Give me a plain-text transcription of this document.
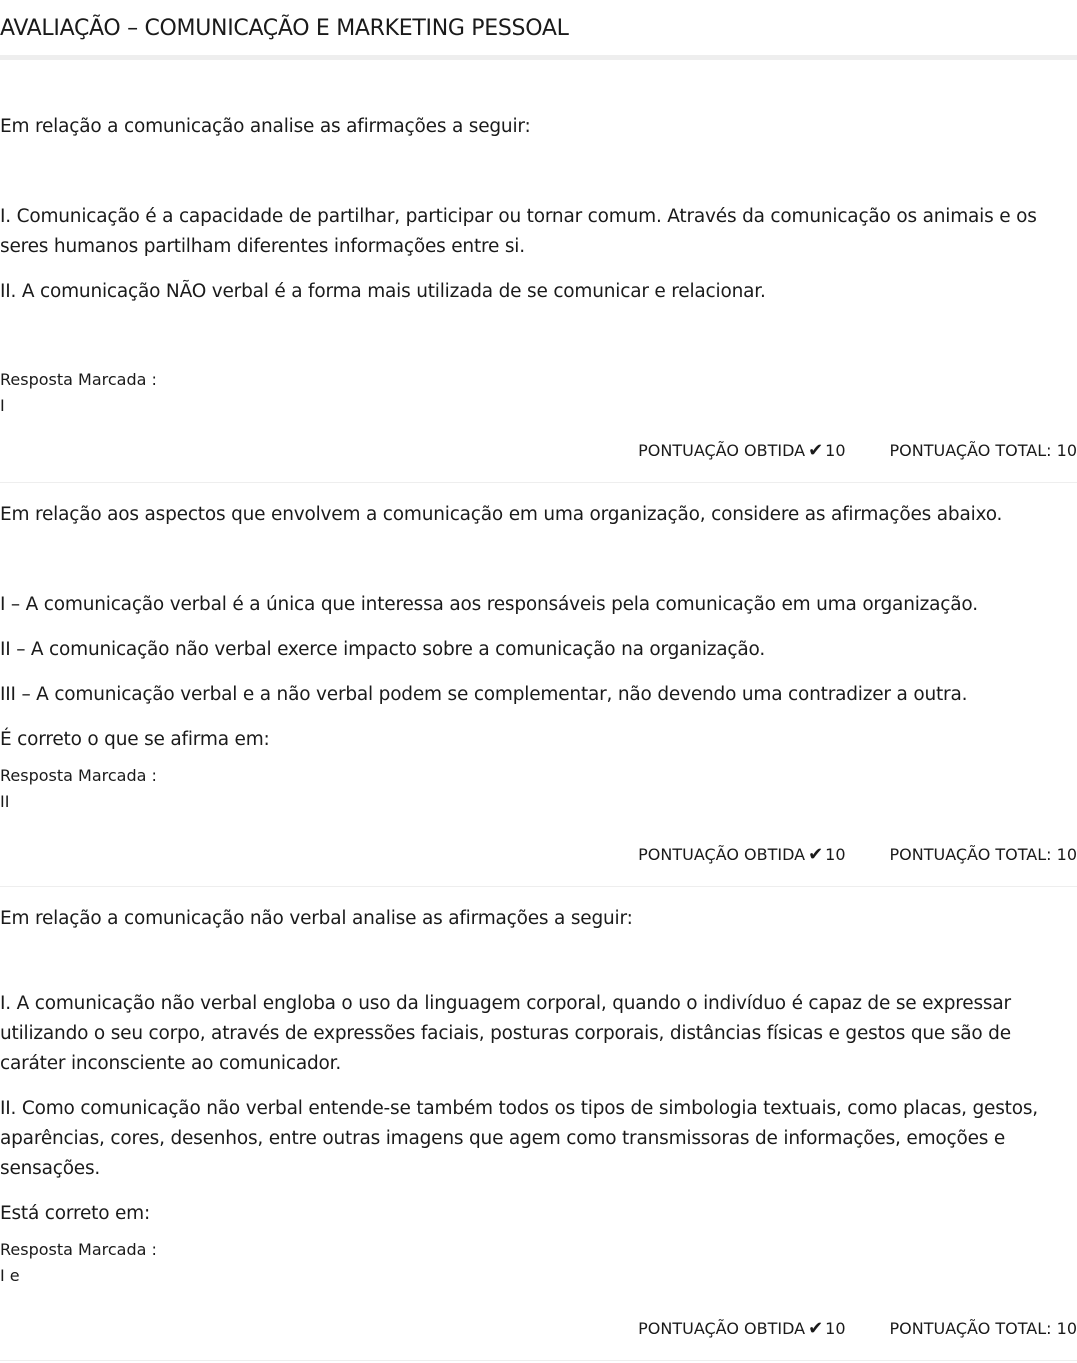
AVALIAÇÃO – COMUNICAÇÃO E MARKETING PESSOAL

Em relação a comunicação analise as afirmações a seguir:

I. Comunicação é a capacidade de partilhar, participar ou tornar comum. Através da comunicação os animais e os seres humanos partilham diferentes informações entre si.

II. A comunicação NÃO verbal é a forma mais utilizada de se comunicar e relacionar.

Resposta Marcada :

I

PONTUAÇÃO OBTIDA ✔ 10	PONTUAÇÃO TOTAL: 10

Em relação aos aspectos que envolvem a comunicação em uma organização, considere as afirmações abaixo.

I – A comunicação verbal é a única que interessa aos responsáveis pela comunicação em uma organização.

II – A comunicação não verbal exerce impacto sobre a comunicação na organização.

III – A comunicação verbal e a não verbal podem se complementar, não devendo uma contradizer a outra.

É correto o que se afirma em:

Resposta Marcada :

II

PONTUAÇÃO OBTIDA ✔ 10	PONTUAÇÃO TOTAL: 10

Em relação a comunicação não verbal analise as afirmações a seguir:

I. A comunicação não verbal engloba o uso da linguagem corporal, quando o indivíduo é capaz de se expressar utilizando o seu corpo, através de expressões faciais, posturas corporais, distâncias físicas e gestos que são de caráter inconsciente ao comunicador.

II. Como comunicação não verbal entende-se também todos os tipos de simbologia textuais, como placas, gestos, aparências, cores, desenhos, entre outras imagens que agem como transmissoras de informações, emoções e sensações.

Está correto em:

Resposta Marcada :

I e

PONTUAÇÃO OBTIDA ✔ 10	PONTUAÇÃO TOTAL: 10
